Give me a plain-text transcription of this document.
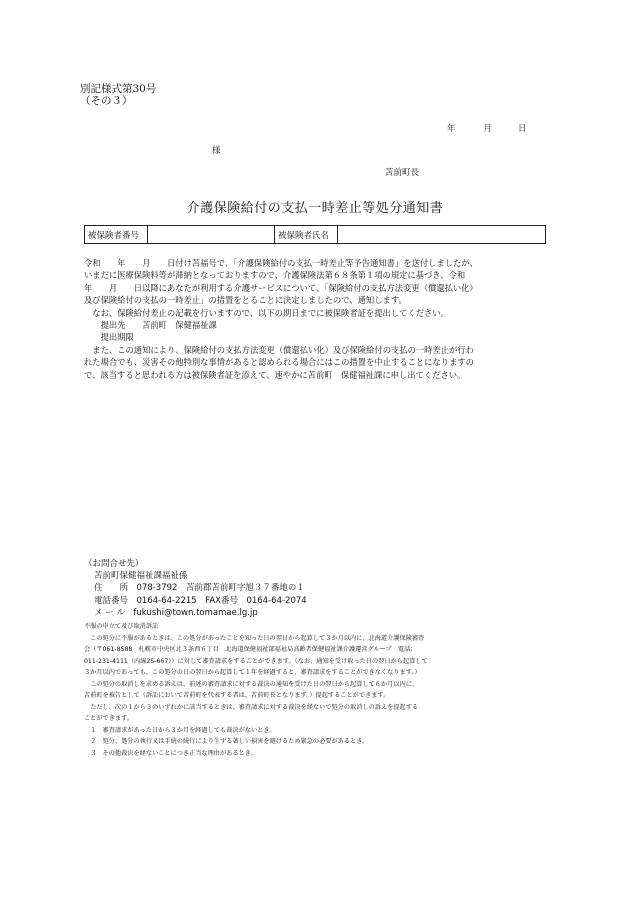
別記様式第30号
（その３）
年	月	日
様
苫前町長
介護保険給付の支払一時差止等処分通知書
被保険者番号		被保険者氏名	
令和　　年　　月　　日付け苫福号で、「介護保険給付の支払一時差止等予告通知書」を送付しましたが、
いまだに医療保険料等が滞納となっておりますので、介護保険法第６８条第１項の規定に基づき、令和
年　　月　　日以降にあなたが利用する介護サービスについて、「保険給付の支払方法変更（償還払い化）
及び保険給付の支払の一時差止」の措置をとることに決定しましたので、通知します。
　なお、保険給付差止の記載を行いますので、以下の期日までに被保険者証を提出してください。
　　提出先　　苫前町　保健福祉課
　　提出期限
　また、この通知により、保険給付の支払方法変更（償還払い化）及び保険給付の支払の一時差止が行わ
れた場合でも、災害その他特別な事情があると認められる場合にはこの措置を中止することになりますの
で、該当すると思われる方は被保険者証を添えて、速やかに苫前町　保健福祉課に申し出てください。
（お問合せ先）
苫前町保健福祉課福祉係
住　　所　078-3792　苫前郡苫前町字旭３７番地の１
電話番号　0164-64-2215　FAX番号　0164-64-2074
メ ー ル　fukushi@town.tomamae.lg.jp
不服の申立て及び取消訴訟
　この処分に不服があるときは、この処分があったことを知った日の翌日から起算して３か月以内に、北海道介護保険審査
会（〒061-8588　札幌市中央区北３条西６丁目　北海道保健福祉部福祉局高齢者保健福祉課介護運営グループ　電話：
011-231-4111（内線25-667））に対して審査請求をすることができます。（なお、通知を受け取った日の翌日から起算して
３か月以内であっても、この処分の日の翌日から起算して１年を経過すると、審査請求をすることができなくなります。）
　この処分の取消しを求める訴えは、前述の審査請求に対する裁決の通知を受けた日の翌日から起算して６か月以内に、
苫前町を被告として（訴訟において苫前町を代表する者は、苫前町長となります。）提起することができます。
　ただし、次の１から３のいずれかに該当するときは、審査請求に対する裁決を経ないで処分の取消しの訴えを提起する
ことができます。
　１　審査請求があった日から３か月を経過しても裁決がないとき。
　２　処分、処分の執行又は手続の続行により生ずる著しい損害を避けるため緊急の必要があるとき。
　３　その他裁決を経ないことにつき正当な理由があるとき。
